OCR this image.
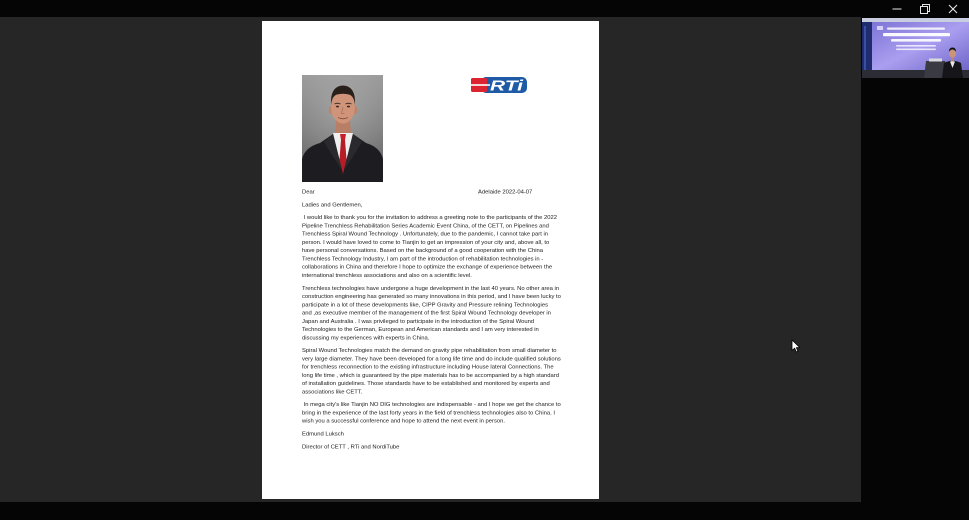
RTi
Dear	Adelaide 2022-04-07
Ladies and Gentlemen,
I would like to thank you for the invitation to address a greeting note to the participants of the 2022
Pipeline Trenchless Rehabilitation Series Academic Event China, of the CETT, on Pipelines and
Trenchless Spiral Wound Technology . Unfortunately, due to the pandemic, I cannot take part in
person. I would have loved to come to Tianjin to get an impression of your city and, above all, to
have personal conversations. Based on the background of a good cooperation with the China
Trenchless Technology Industry, I am part of the introduction of rehabilitation technologies in -
collaborations in China and therefore I hope to optimize the exchange of experience between the
international trenchless associations and also on a scientific level.
Trenchless technologies have undergone a huge development in the last 40 years. No other area in
construction engineering has generated so many innovations in this period, and I have been lucky to
participate in a lot of these developments like, CIPP Gravity and Pressure relining Technologies
and ,as executive member of the management of the first Spiral Wound Technology developer in
Japan and Australia . I was privileged to participate in the introduction of the Spiral Wound
Technologies to the German, European and American standards and I am very interested in
discussing my experiences with experts in China.
Spiral Wound Technologies match the demand on gravity pipe rehabilitation from small diameter to
very large diameter. They have been developed for a long life time and do include qualified solutions
for trenchless reconnection to the existing infrastructure including House lateral Connections. The
long life time , which is guaranteed by the pipe materials has to be accompanied by a high standard
of installation guidelines. Those standards have to be established and monitored by experts and
associations like CETT.
In mega city's like Tianjin NO DIG technologies are indispensable - and I hope we get the chance to
bring in the experience of the last forty years in the field of trenchless technologies also to China. I
wish you a successful conference and hope to attend the next event in person.
Edmund Luksch
Director of CETT , RTi and NordiTube
